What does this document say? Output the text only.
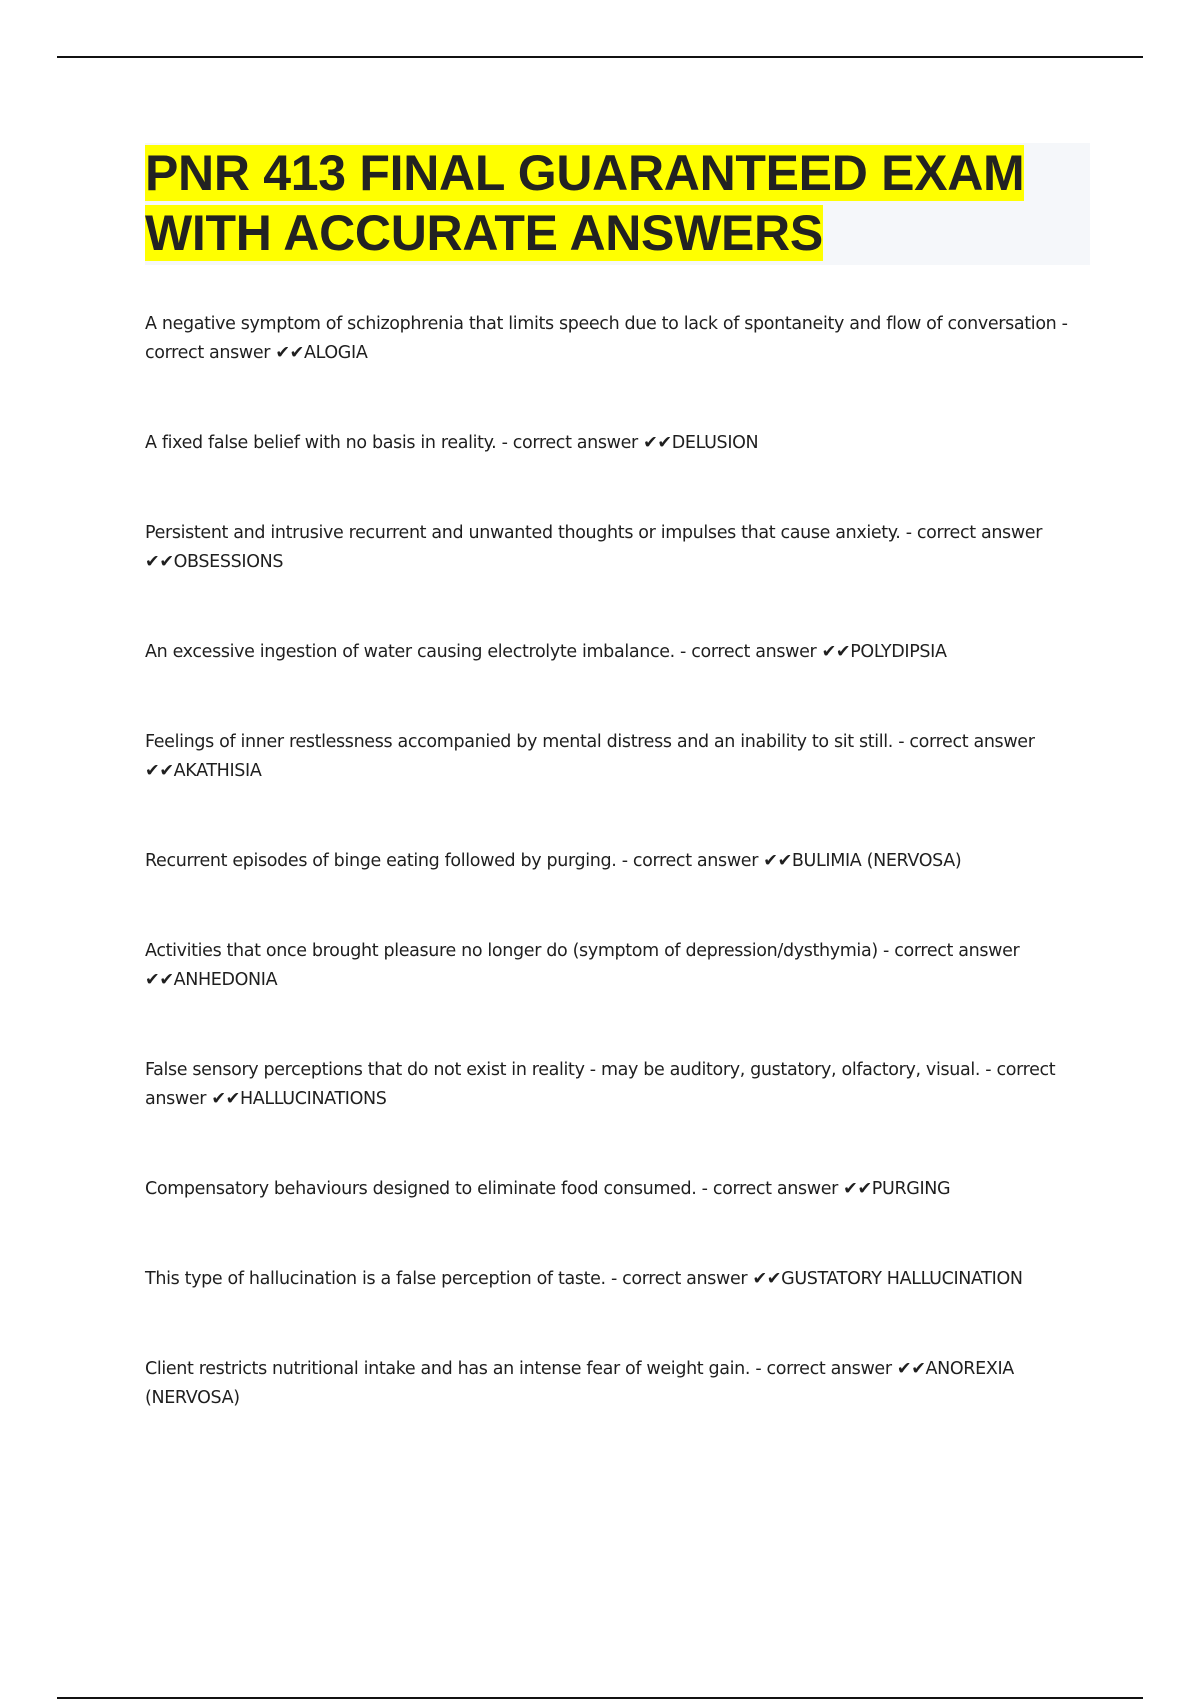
PNR 413 FINAL GUARANTEED EXAM
WITH ACCURATE ANSWERS

A negative symptom of schizophrenia that limits speech due to lack of spontaneity and flow of conversation - correct answer ✔✔ALOGIA

A fixed false belief with no basis in reality. - correct answer ✔✔DELUSION

Persistent and intrusive recurrent and unwanted thoughts or impulses that cause anxiety. - correct answer ✔✔OBSESSIONS

An excessive ingestion of water causing electrolyte imbalance. - correct answer ✔✔POLYDIPSIA

Feelings of inner restlessness accompanied by mental distress and an inability to sit still. - correct answer ✔✔AKATHISIA

Recurrent episodes of binge eating followed by purging. - correct answer ✔✔BULIMIA (NERVOSA)

Activities that once brought pleasure no longer do (symptom of depression/dysthymia) - correct answer ✔✔ANHEDONIA

False sensory perceptions that do not exist in reality - may be auditory, gustatory, olfactory, visual. - correct answer ✔✔HALLUCINATIONS

Compensatory behaviours designed to eliminate food consumed. - correct answer ✔✔PURGING

This type of hallucination is a false perception of taste. - correct answer ✔✔GUSTATORY HALLUCINATION

Client restricts nutritional intake and has an intense fear of weight gain. - correct answer ✔✔ANOREXIA (NERVOSA)
